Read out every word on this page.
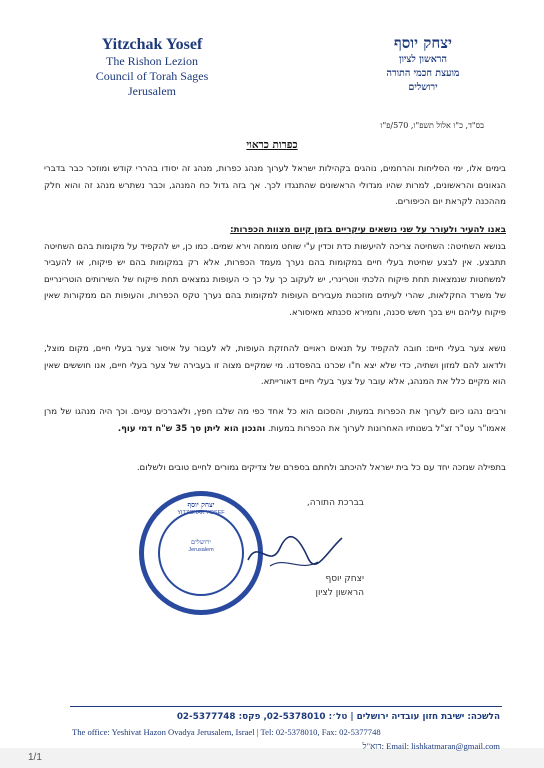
Yitzchak Yosef
The Rishon Lezion
Council of Torah Sages
Jerusalem
יצחק יוסף
הראשון לציון
מועצת חכמי התורה
ירושלים
בס"ד, כ"ו אלול תשפ"ו, 570/פ"ו
כפרות כראוי
בימים אלו, ימי הסליחות והרחמים, נוהגים בקהילות ישראל לערוך מנהג כפרות, מנהג זה יסודו בהררי קודש ומוזכר כבר בדברי הגאונים והראשונים, למרות שהיו מגדולי הראשונים שהתנגדו לכך. אך בזה גדול כח המנהג, וכבר נשתרש מנהג זה והוא חלק מההכנה לקראת יום הכיפורים.
באנו להעיר ולעורר על שני נושאים עיקריים בזמן קיום מצוות הכפרות:
בנושא השחיטה: השחיטה צריכה להיעשות כדת וכדין ע"י שוחט מומחה וירא שמים. כמו כן, יש להקפיד על מקומות בהם השחיטה תתבצע. אין לבצע שחיטת בעלי חיים במקומות בהם נערך מעמד הכפרות, אלא רק במקומות בהם יש פיקוח, או להעביר למשחטות שנמצאות תחת פיקוח הלכתי ווטרינרי, יש לעקוב כך על כך כי העופות נמצאים תחת פיקוח של השירותים הוטרינריים של משרד החקלאות, שהרי לעיתים מוזכנות מעבירים העופות למקומות בהם נערך טקס הכפרות, והעופות הם ממקורות שאין פיקוח עליהם ויש בכך חשש סכנה, וחמירא סכנתא מאיסורא.
נושא צער בעלי חיים: חובה להקפיד על תנאים ראויים להחזקת העופות, לא לעבור על איסור צער בעלי חיים, מקום מוצל, ולדאוג להם למזון ושתיה, כדי שלא יצא ח"ו שכרנו בהפסדנו. מי שמקיים מצוה זו בעבירה של צער בעלי חיים, אנו חוששים שאין הוא מקיים כלל את המנהג, אלא עובר על צער בעלי חיים דאורייתא.
ורבים נהגו כיום לערוך את הכפרות במעות, והסכום הוא כל אחד כפי מה שלבו חפץ, ולאברכים עניים. וכך היה מנהגו של מרן אאמו"ר עט"ר זצ"ל בשנותיו האחרונות לערוך את הכפרות במעות. והנכון הוא ליתן סך 35 ש"ח דמי עוף.
בתפילה שנזכה יחד עם כל בית ישראל להיכתב ולחתם בספרם של צדיקים גמורים לחיים טובים ולשלום.
בברכת התורה,
יצחק יוסף
YITZCHAK YOSEF
ירושלים
Jerusalem
יצחק יוסף
הראשון לציון
הלשכה: ישיבת חזון עובדיה ירושלים | טל׳: 02-5378010, פקס: 02-5377748
The office: Yeshivat Hazon Ovadya Jerusalem, Israel | Tel: 02-5378010, Fax: 02-5377748
Email: lishkatmaran@gmail.com :דוא"ל
1/1
